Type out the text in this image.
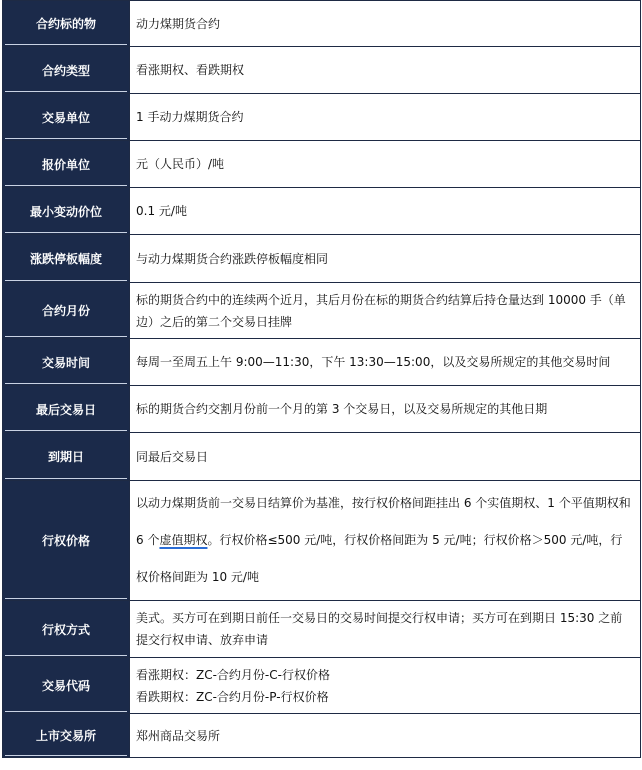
合约标的物	动力煤期货合约
合约类型	看涨期权、看跌期权
交易单位	1 手动力煤期货合约
报价单位	元（人民币）/吨
最小变动价位	0.1 元/吨
涨跌停板幅度	与动力煤期货合约涨跌停板幅度相同
合约月份	标的期货合约中的连续两个近月，其后月份在标的期货合约结算后持仓量达到 10000 手（单边）之后的第二个交易日挂牌
交易时间	每周一至周五上午 9:00—11:30，下午 13:30—15:00，以及交易所规定的其他交易时间
最后交易日	标的期货合约交割月份前一个月的第 3 个交易日，以及交易所规定的其他日期
到期日	同最后交易日
行权价格	以动力煤期货前一交易日结算价为基准，按行权价格间距挂出 6 个实值期权、1 个平值期权和 6 个虚值期权。行权价格≤500 元/吨，行权价格间距为 5 元/吨；行权价格＞500 元/吨，行权价格间距为 10 元/吨
行权方式	美式。买方可在到期日前任一交易日的交易时间提交行权申请；买方可在到期日 15:30 之前提交行权申请、放弃申请
交易代码	看涨期权：ZC-合约月份-C-行权价格
看跌期权：ZC-合约月份-P-行权价格

上市交易所	郑州商品交易所
